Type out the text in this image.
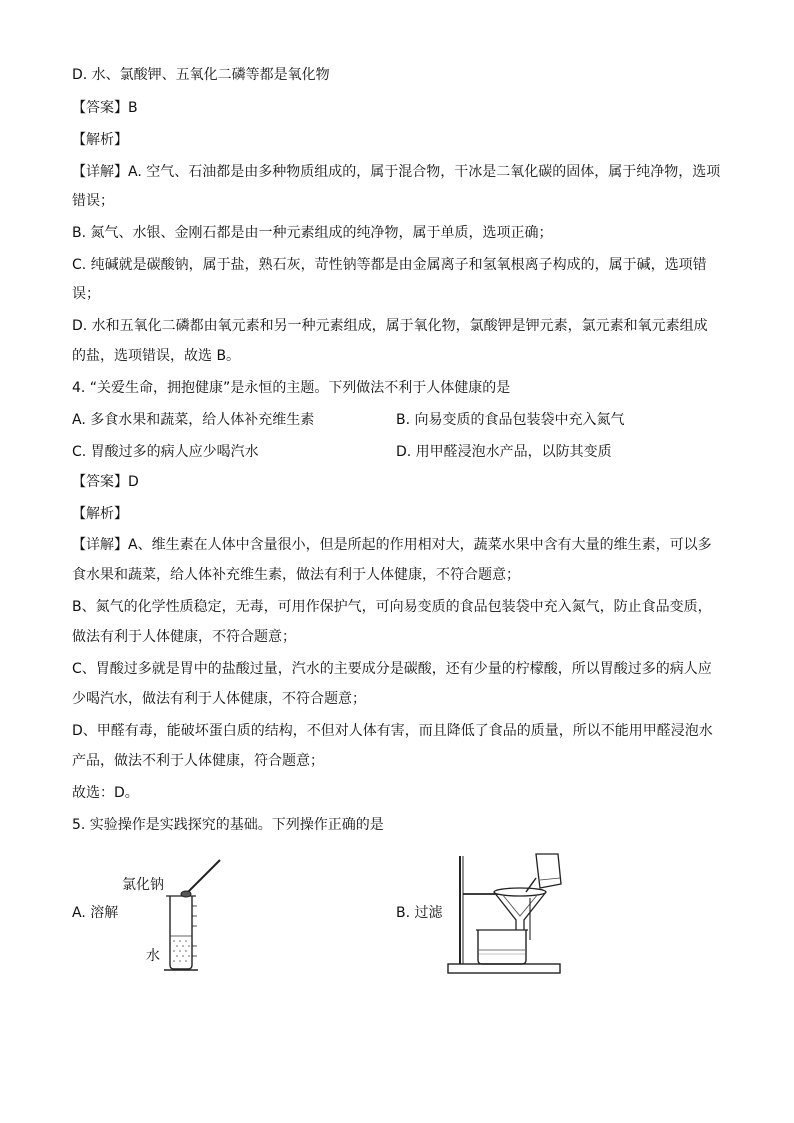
D. 水、氯酸钾、五氧化二磷等都是氧化物
【答案】B
【解析】
【详解】A. 空气、石油都是由多种物质组成的，属于混合物，干冰是二氧化碳的固体，属于纯净物，选项
错误；
B. 氮气、水银、金刚石都是由一种元素组成的纯净物，属于单质，选项正确；
C. 纯碱就是碳酸钠，属于盐，熟石灰，苛性钠等都是由金属离子和氢氧根离子构成的，属于碱，选项错
误；
D. 水和五氧化二磷都由氧元素和另一种元素组成，属于氧化物，氯酸钾是钾元素，氯元素和氧元素组成
的盐，选项错误，故选 B。
4. “关爱生命，拥抱健康”是永恒的主题。下列做法不利于人体健康的是
A. 多食水果和蔬菜，给人体补充维生素	B. 向易变质的食品包装袋中充入氮气
C. 胃酸过多的病人应少喝汽水	D. 用甲醛浸泡水产品，以防其变质
【答案】D
【解析】
【详解】A、维生素在人体中含量很小，但是所起的作用相对大，蔬菜水果中含有大量的维生素，可以多
食水果和蔬菜，给人体补充维生素，做法有利于人体健康，不符合题意；
B、氮气的化学性质稳定，无毒，可用作保护气，可向易变质的食品包装袋中充入氮气，防止食品变质，
做法有利于人体健康，不符合题意；
C、胃酸过多就是胃中的盐酸过量，汽水的主要成分是碳酸，还有少量的柠檬酸，所以胃酸过多的病人应
少喝汽水，做法有利于人体健康，不符合题意；
D、甲醛有毒，能破坏蛋白质的结构，不但对人体有害，而且降低了食品的质量，所以不能用甲醛浸泡水
产品，做法不利于人体健康，符合题意；
故选：D。
5. 实验操作是实践探究的基础。下列操作正确的是
A. 溶解
氯化钠
水
B. 过滤
